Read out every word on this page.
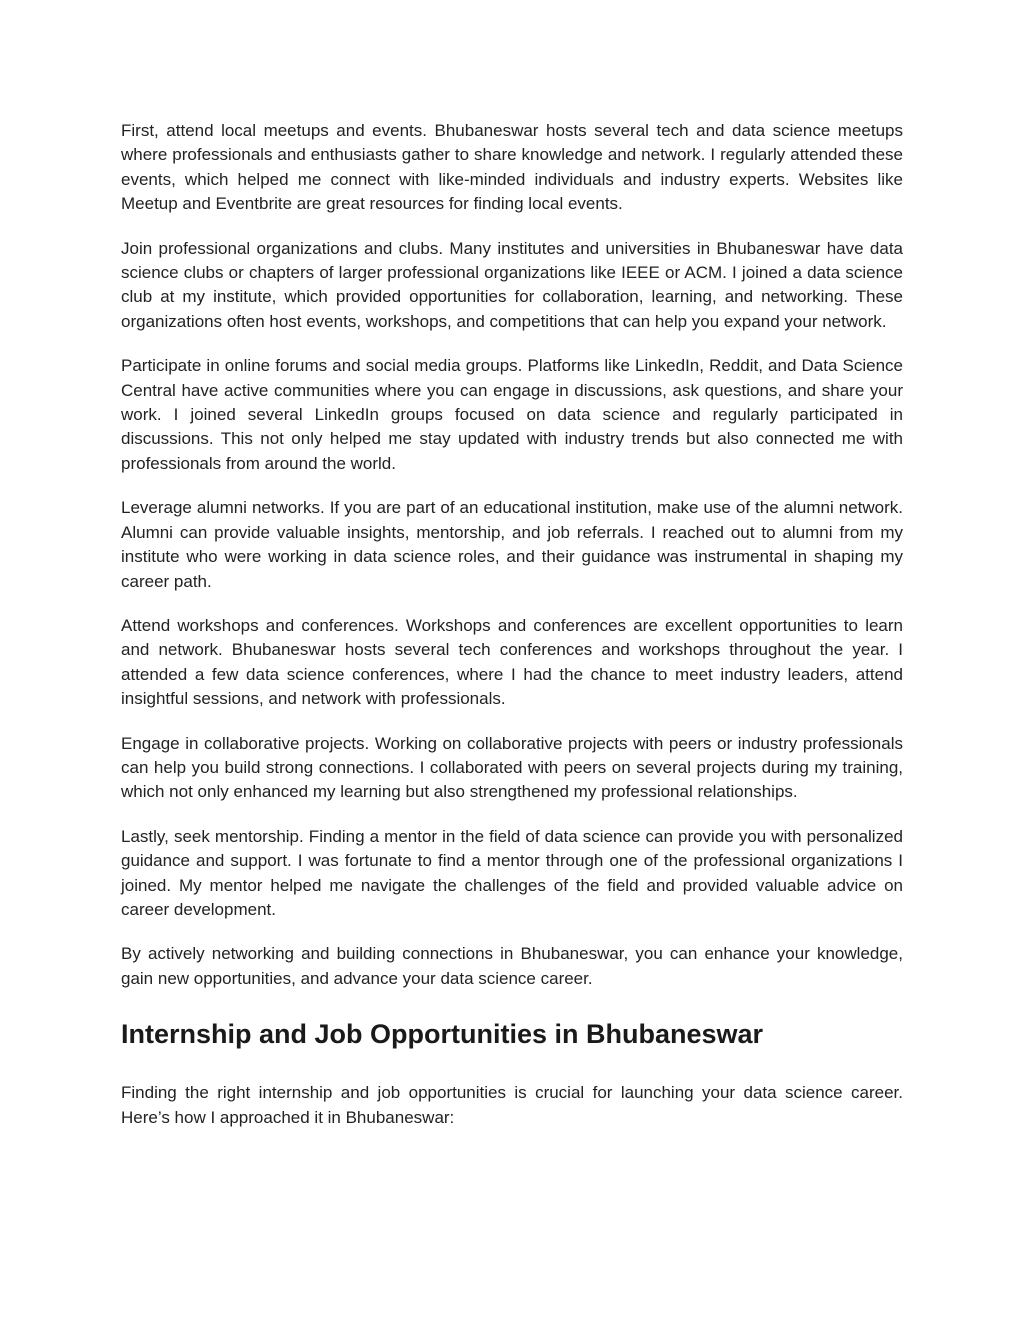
First, attend local meetups and events. Bhubaneswar hosts several tech and data science meetups where professionals and enthusiasts gather to share knowledge and network. I regularly attended these events, which helped me connect with like-minded individuals and industry experts. Websites like Meetup and Eventbrite are great resources for finding local events.

Join professional organizations and clubs. Many institutes and universities in Bhubaneswar have data science clubs or chapters of larger professional organizations like IEEE or ACM. I joined a data science club at my institute, which provided opportunities for collaboration, learning, and networking. These organizations often host events, workshops, and competitions that can help you expand your network.

Participate in online forums and social media groups. Platforms like LinkedIn, Reddit, and Data Science Central have active communities where you can engage in discussions, ask questions, and share your work. I joined several LinkedIn groups focused on data science and regularly participated in discussions. This not only helped me stay updated with industry trends but also connected me with professionals from around the world.

Leverage alumni networks. If you are part of an educational institution, make use of the alumni network. Alumni can provide valuable insights, mentorship, and job referrals. I reached out to alumni from my institute who were working in data science roles, and their guidance was instrumental in shaping my career path.

Attend workshops and conferences. Workshops and conferences are excellent opportunities to learn and network. Bhubaneswar hosts several tech conferences and workshops throughout the year. I attended a few data science conferences, where I had the chance to meet industry leaders, attend insightful sessions, and network with professionals.

Engage in collaborative projects. Working on collaborative projects with peers or industry professionals can help you build strong connections. I collaborated with peers on several projects during my training, which not only enhanced my learning but also strengthened my professional relationships.

Lastly, seek mentorship. Finding a mentor in the field of data science can provide you with personalized guidance and support. I was fortunate to find a mentor through one of the professional organizations I joined. My mentor helped me navigate the challenges of the field and provided valuable advice on career development.

By actively networking and building connections in Bhubaneswar, you can enhance your knowledge, gain new opportunities, and advance your data science career.

Internship and Job Opportunities in Bhubaneswar

Finding the right internship and job opportunities is crucial for launching your data science career. Here’s how I approached it in Bhubaneswar:
